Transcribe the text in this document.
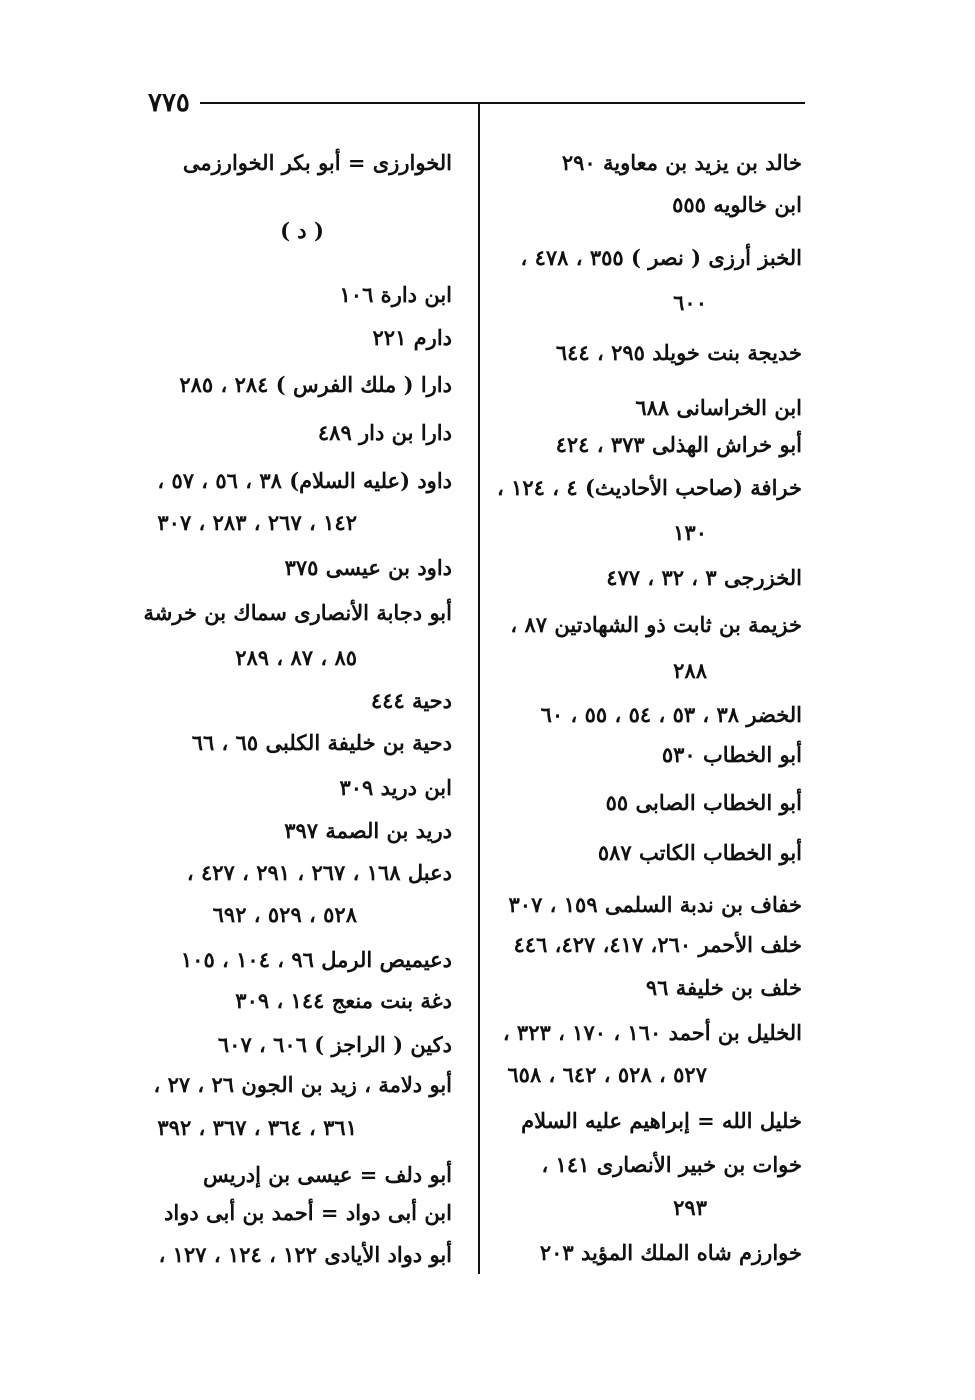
٧٧٥
خالد بن يزيد بن معاوية ٢٩٠
ابن خالويه ٥٥٥
الخبز أرزى ( نصر ) ٣٥٥ ، ٤٧٨ ،
٦٠٠
خديجة بنت خويلد ٢٩٥ ، ٦٤٤
ابن الخراسانى ٦٨٨
أبو خراش الهذلى ٣٧٣ ، ٤٢٤
خرافة (صاحب الأحاديث) ٤ ، ١٢٤ ،
١٣٠
الخزرجى ٣ ، ٣٢ ، ٤٧٧
خزيمة بن ثابت ذو الشهادتين ٨٧ ،
٢٨٨
الخضر ٣٨ ، ٥٣ ، ٥٤ ، ٥٥ ، ٦٠
أبو الخطاب ٥٣٠
أبو الخطاب الصابى ٥٥
أبو الخطاب الكاتب ٥٨٧
خفاف بن ندبة السلمى ١٥٩ ، ٣٠٧
خلف الأحمر ٢٦٠، ٤١٧، ٤٢٧، ٤٤٦
خلف بن خليفة ٩٦
الخليل بن أحمد ١٦٠ ، ١٧٠ ، ٣٢٣ ،
٥٢٧ ، ٥٢٨ ، ٦٤٢ ، ٦٥٨
خليل الله = إبراهيم عليه السلام
خوات بن خبير الأنصارى ١٤١ ،
٢٩٣
خوارزم شاه الملك المؤيد ٢٠٣
الخوارزى = أبو بكر الخوارزمى
( د )
ابن دارة ١٠٦
دارم ٢٢١
دارا ( ملك الفرس ) ٢٨٤ ، ٢٨٥
دارا بن دار ٤٨٩
داود (عليه السلام) ٣٨ ، ٥٦ ، ٥٧ ،
١٤٢ ، ٢٦٧ ، ٢٨٣ ، ٣٠٧
داود بن عيسى ٣٧٥
أبو دجابة الأنصارى سماك بن خرشة
٨٥ ، ٨٧ ، ٢٨٩
دحية ٤٤٤
دحية بن خليفة الكلبى ٦٥ ، ٦٦
ابن دريد ٣٠٩
دريد بن الصمة ٣٩٧
دعبل ١٦٨ ، ٢٦٧ ، ٢٩١ ، ٤٢٧ ،
٥٢٨ ، ٥٢٩ ، ٦٩٢
دعيميص الرمل ٩٦ ، ١٠٤ ، ١٠٥
دغة بنت منعج ١٤٤ ، ٣٠٩
دكين ( الراجز ) ٦٠٦ ، ٦٠٧
أبو دلامة ، زيد بن الجون ٢٦ ، ٢٧ ،
٣٦١ ، ٣٦٤ ، ٣٦٧ ، ٣٩٢
أبو دلف = عيسى بن إدريس
ابن أبى دواد = أحمد بن أبى دواد
أبو دواد الأيادى ١٢٢ ، ١٢٤ ، ١٢٧ ،
